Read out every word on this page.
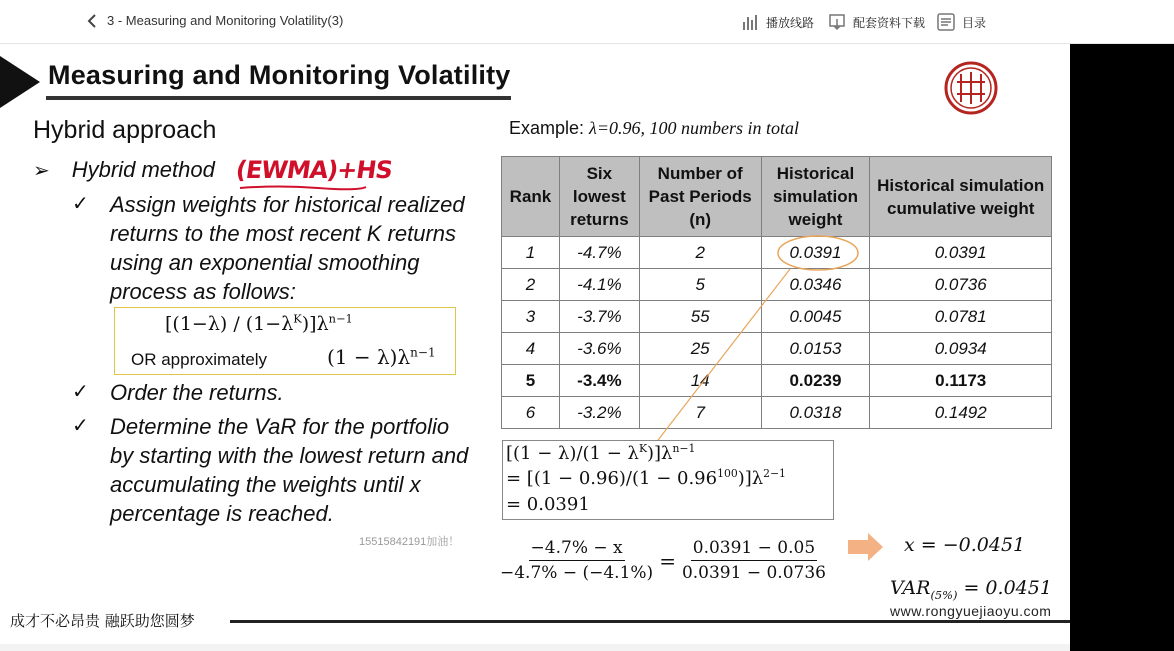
3 - Measuring and Monitoring Volatility(3)	播放线路	配套资料下载	目录
Measuring and Monitoring Volatility
Hybrid approach
➢ Hybrid method (EWMA)+HS
✓ Assign weights for historical realized returns to the most recent K returns using an exponential smoothing process as follows:
$[(1-\lambda) / (1-\lambda^K)]\lambda^{n-1}$
OR approximately	$(1 - \lambda)\lambda^{n-1}$
✓ Order the returns.
✓ Determine the VaR for the portfolio by starting with the lowest return and accumulating the weights until x percentage is reached.
15515842191加油！
Example: λ=0.96, 100 numbers in total
Rank	Six lowest returns	Number of Past Periods (n)	Historical simulation weight	Historical simulation cumulative weight
1	-4.7%	2	0.0391	0.0391
2	-4.1%	5	0.0346	0.0736
3	-3.7%	55	0.0045	0.0781
4	-3.6%	25	0.0153	0.0934
5	-3.4%	14	0.0239	0.1173
6	-3.2%	7	0.0318	0.1492
$[(1 - \lambda)/(1 - \lambda^K)]\lambda^{n-1}$
= $[(1 - 0.96)/(1 - 0.96^{100})]\lambda^{2-1}$
= 0.0391
$\frac{-4.7\% - x}{-4.7\% - (-4.1\%)} = \frac{0.0391 - 0.05}{0.0391 - 0.0736}$	x = −0.0451
$VAR_{(5\%)} = 0.0451$
www.rongyuejiaoyu.com
成才不必昂贵 融跃助您圆梦
